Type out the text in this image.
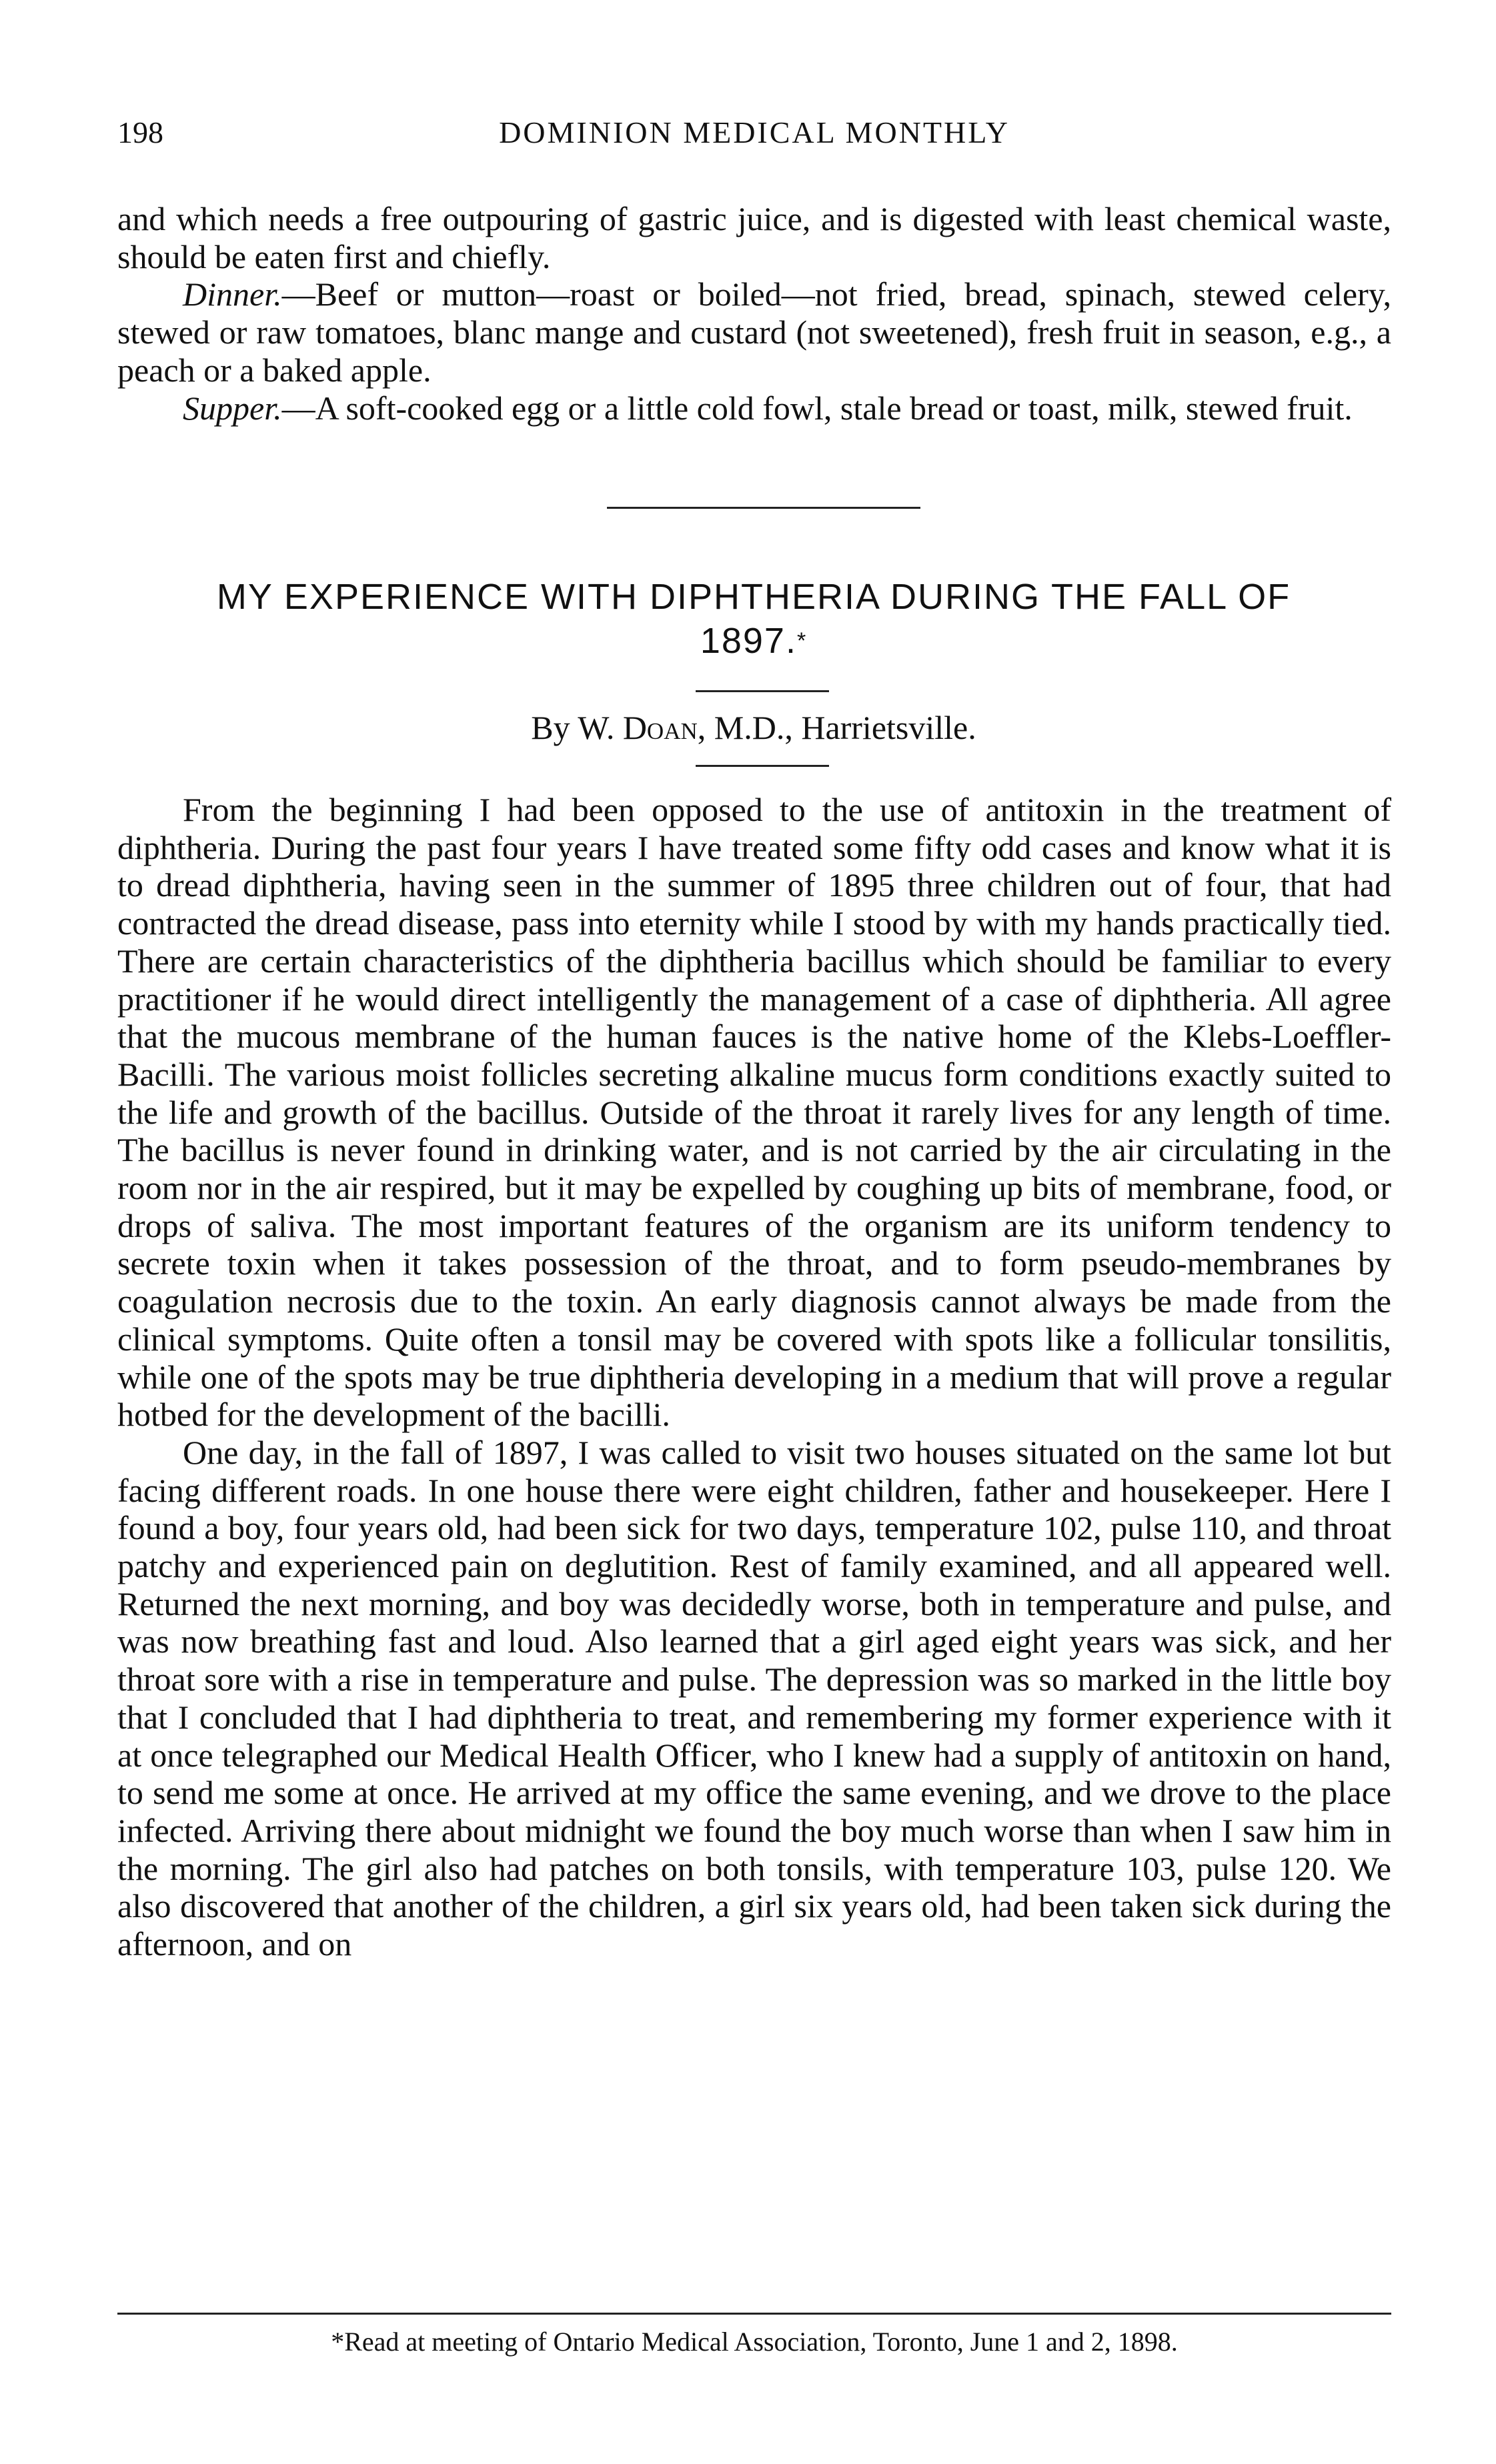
198	DOMINION MEDICAL MONTHLY

and which needs a free outpouring of gastric juice, and is digested with least chemical waste, should be eaten first and chiefly.

Dinner.—Beef or mutton—roast or boiled—not fried, bread, spinach, stewed celery, stewed or raw tomatoes, blanc mange and custard (not sweetened), fresh fruit in season, e.g., a peach or a baked apple.

Supper.—A soft-cooked egg or a little cold fowl, stale bread or toast, milk, stewed fruit.

MY EXPERIENCE WITH DIPHTHERIA DURING THE FALL OF 1897.*
By W. Doan, M.D., Harrietsville.

From the beginning I had been opposed to the use of antitoxin in the treatment of diphtheria. During the past four years I have treated some fifty odd cases and know what it is to dread diphtheria, having seen in the summer of 1895 three children out of four, that had contracted the dread disease, pass into eternity while I stood by with my hands practically tied. There are certain characteristics of the diphtheria bacillus which should be familiar to every practitioner if he would direct intelligently the management of a case of diphtheria. All agree that the mucous membrane of the human fauces is the native home of the Klebs-Loeffler-Bacilli. The various moist follicles secreting alkaline mucus form conditions exactly suited to the life and growth of the bacillus. Outside of the throat it rarely lives for any length of time. The bacillus is never found in drinking water, and is not carried by the air circulating in the room nor in the air respired, but it may be expelled by coughing up bits of membrane, food, or drops of saliva. The most important features of the organism are its uniform tendency to secrete toxin when it takes possession of the throat, and to form pseudo-membranes by coagulation necrosis due to the toxin. An early diagnosis cannot always be made from the clinical symptoms. Quite often a tonsil may be covered with spots like a follicular tonsilitis, while one of the spots may be true diphtheria developing in a medium that will prove a regular hotbed for the development of the bacilli.

One day, in the fall of 1897, I was called to visit two houses situated on the same lot but facing different roads. In one house there were eight children, father and housekeeper. Here I found a boy, four years old, had been sick for two days, temperature 102, pulse 110, and throat patchy and experienced pain on deglutition. Rest of family examined, and all appeared well. Returned the next morning, and boy was decidedly worse, both in temperature and pulse, and was now breathing fast and loud. Also learned that a girl aged eight years was sick, and her throat sore with a rise in temperature and pulse. The depression was so marked in the little boy that I concluded that I had diphtheria to treat, and remembering my former experience with it at once telegraphed our Medical Health Officer, who I knew had a supply of antitoxin on hand, to send me some at once. He arrived at my office the same evening, and we drove to the place infected. Arriving there about midnight we found the boy much worse than when I saw him in the morning. The girl also had patches on both tonsils, with temperature 103, pulse 120. We also discovered that another of the children, a girl six years old, had been taken sick during the afternoon, and on

*Read at meeting of Ontario Medical Association, Toronto, June 1 and 2, 1898.
